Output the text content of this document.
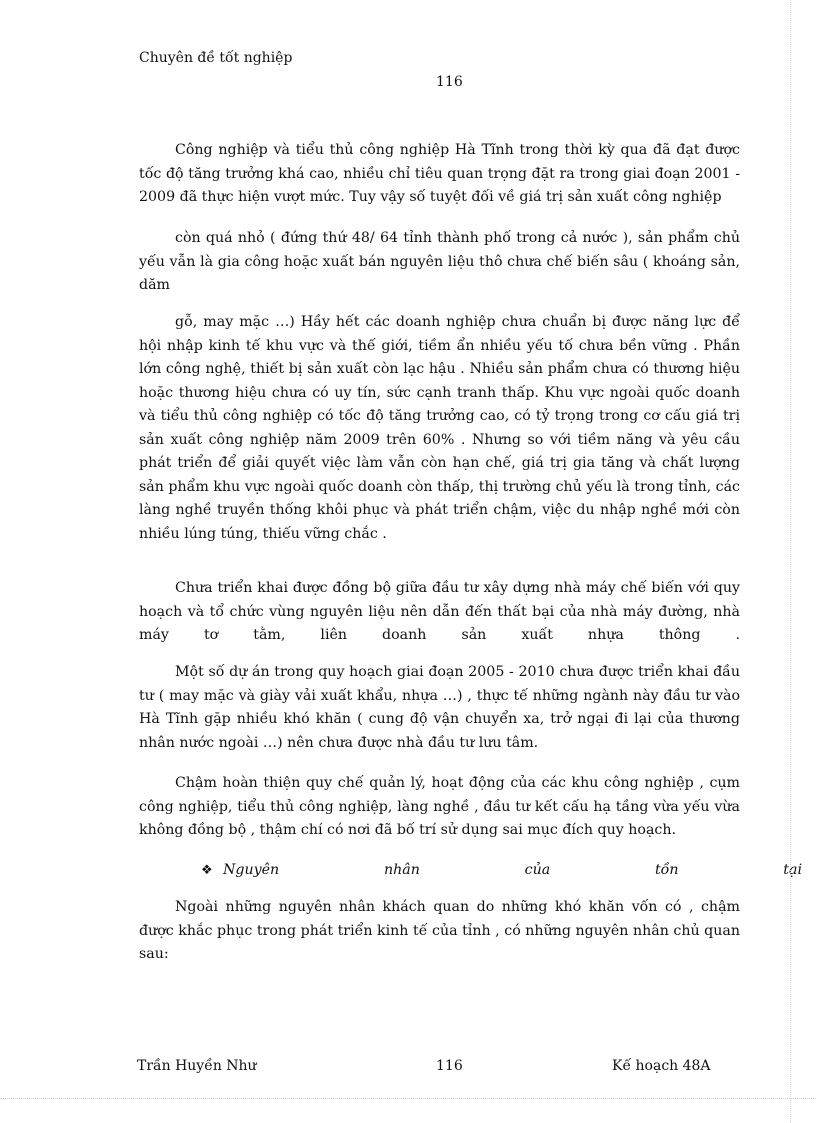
Chuyên đề tốt nghiệp
116

Công nghiệp và tiểu thủ công nghiệp Hà Tĩnh trong thời kỳ qua đã đạt được tốc độ tăng trưởng khá cao, nhiều chỉ tiêu quan trọng đặt ra trong giai đoạn 2001 - 2009 đã thực hiện vượt mức. Tuy vậy số tuyệt đối về giá trị sản xuất công nghiệp

còn quá nhỏ ( đứng thứ 48/ 64 tỉnh thành phố trong cả nước ), sản phẩm chủ yếu vẫn là gia công hoặc xuất bán nguyên liệu thô chưa chế biến sâu ( khoáng sản, dăm

gỗ, may mặc …) Hầy hết các doanh nghiệp chưa chuẩn bị được năng lực để hội nhập kinh tế khu vực và thế giới, tiềm ẩn nhiều yếu tố chưa bền vững . Phần lớn công nghệ, thiết bị sản xuất còn lạc hậu . Nhiều sản phẩm chưa có thương hiệu hoặc thương hiệu chưa có uy tín, sức cạnh tranh thấp. Khu vực ngoài quốc doanh và tiểu thủ công nghiệp có tốc độ tăng trưởng cao, có tỷ trọng trong cơ cấu giá trị sản xuất công nghiệp năm 2009 trên 60% . Nhưng so với tiềm năng và yêu cầu phát triển để giải quyết việc làm vẫn còn hạn chế, giá trị gia tăng và chất lượng sản phẩm khu vực ngoài quốc doanh còn thấp, thị trường chủ yếu là trong tỉnh, các làng nghề truyền thống khôi phục và phát triển chậm, việc du nhập nghề mới còn nhiều lúng túng, thiếu vững chắc .

Chưa triển khai được đồng bộ giữa đầu tư xây dựng nhà máy chế biến với quy hoạch và tổ chức vùng nguyên liệu nên dẫn đến thất bại của nhà máy đường, nhà máy tơ tằm, liên doanh sản xuất nhựa thông .

Một số dự án trong quy hoạch giai đoạn 2005 - 2010 chưa được triển khai đầu tư ( may mặc và giày vải xuất khẩu, nhựa …) , thực tế những ngành này đầu tư vào Hà Tĩnh gặp nhiều khó khăn ( cung độ vận chuyển xa, trở ngại đi lại của thương nhân nước ngoài …) nên chưa được nhà đầu tư lưu tâm.

Chậm hoàn thiện quy chế quản lý, hoạt động của các khu công nghiệp , cụm công nghiệp, tiểu thủ công nghiệp, làng nghề , đầu tư kết cấu hạ tầng vừa yếu vừa không đồng bộ , thậm chí có nơi đã bố trí sử dụng sai mục đích quy hoạch.

❖ Nguyên nhân của tồn tại

Ngoài những nguyên nhân khách quan do những khó khăn vốn có , chậm được khắc phục trong phát triển kinh tế của tỉnh , có những nguyên nhân chủ quan sau:

Trần Huyền Như	116	Kế hoạch 48A
